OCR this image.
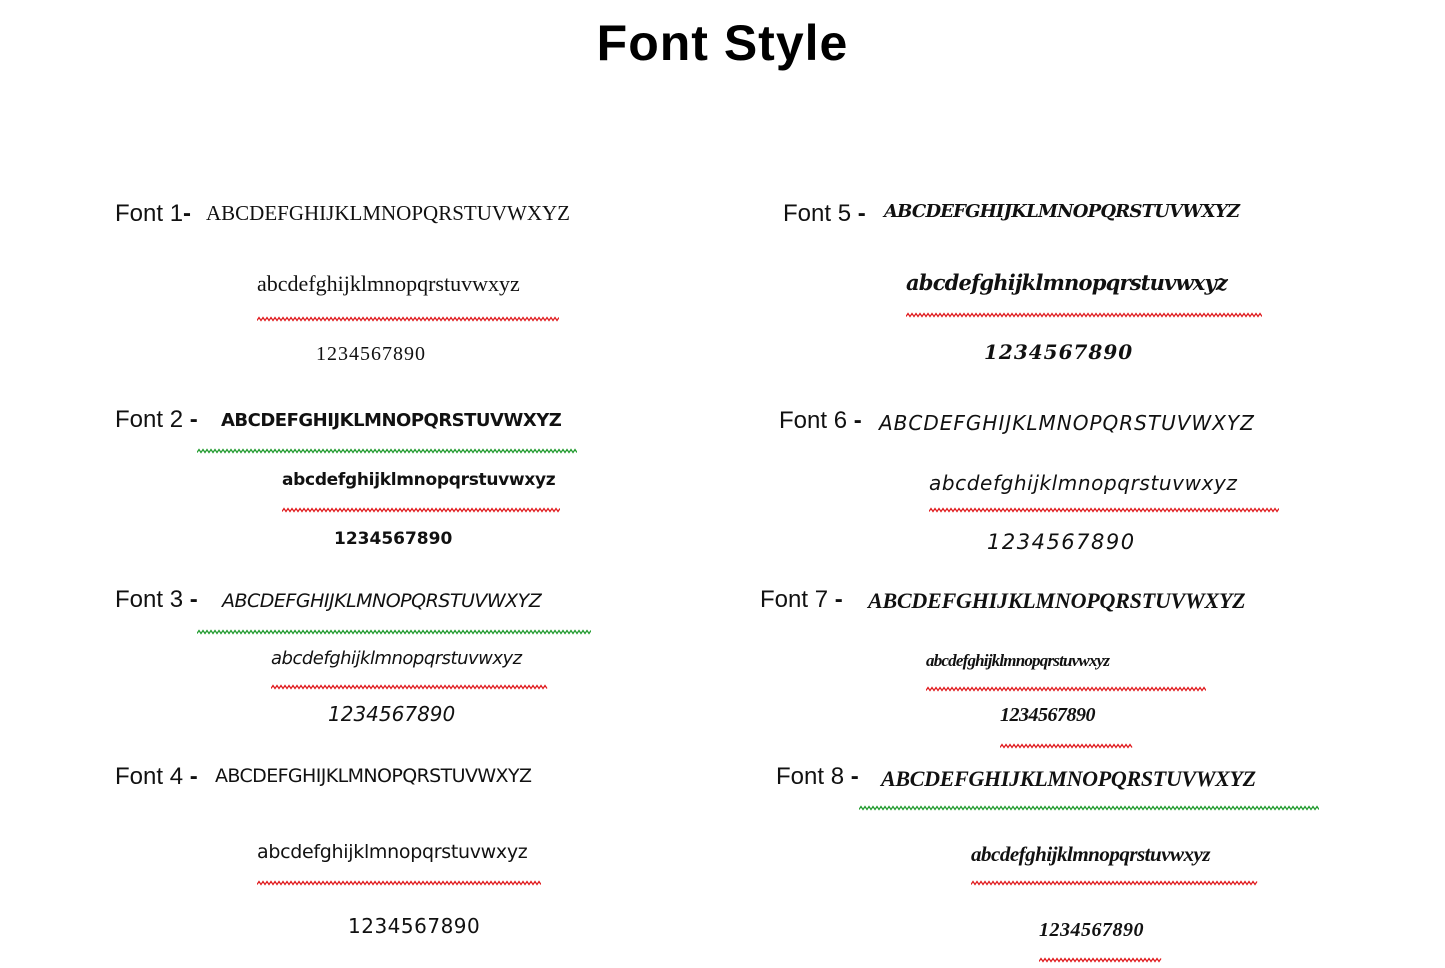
Font Style
Font 1- ABCDEFGHIJKLMNOPQRSTUVWXYZ
abcdefghijklmnopqrstuvwxyz
1234567890
Font 2 - ABCDEFGHIJKLMNOPQRSTUVWXYZ
abcdefghijklmnopqrstuvwxyz
1234567890
Font 3 - ABCDEFGHIJKLMNOPQRSTUVWXYZ
abcdefghijklmnopqrstuvwxyz
1234567890
Font 4 - ABCDEFGHIJKLMNOPQRSTUVWXYZ
abcdefghijklmnopqrstuvwxyz
1234567890
Font 5 - ABCDEFGHIJKLMNOPQRSTUVWXYZ
abcdefghijklmnopqrstuvwxyz
1234567890
Font 6 - ABCDEFGHIJKLMNOPQRSTUVWXYZ
abcdefghijklmnopqrstuvwxyz
1234567890
Font 7 - ABCDEFGHIJKLMNOPQRSTUVWXYZ
abcdefghijklmnopqrstuvwxyz
1234567890
Font 8 - ABCDEFGHIJKLMNOPQRSTUVWXYZ
abcdefghijklmnopqrstuvwxyz
1234567890
